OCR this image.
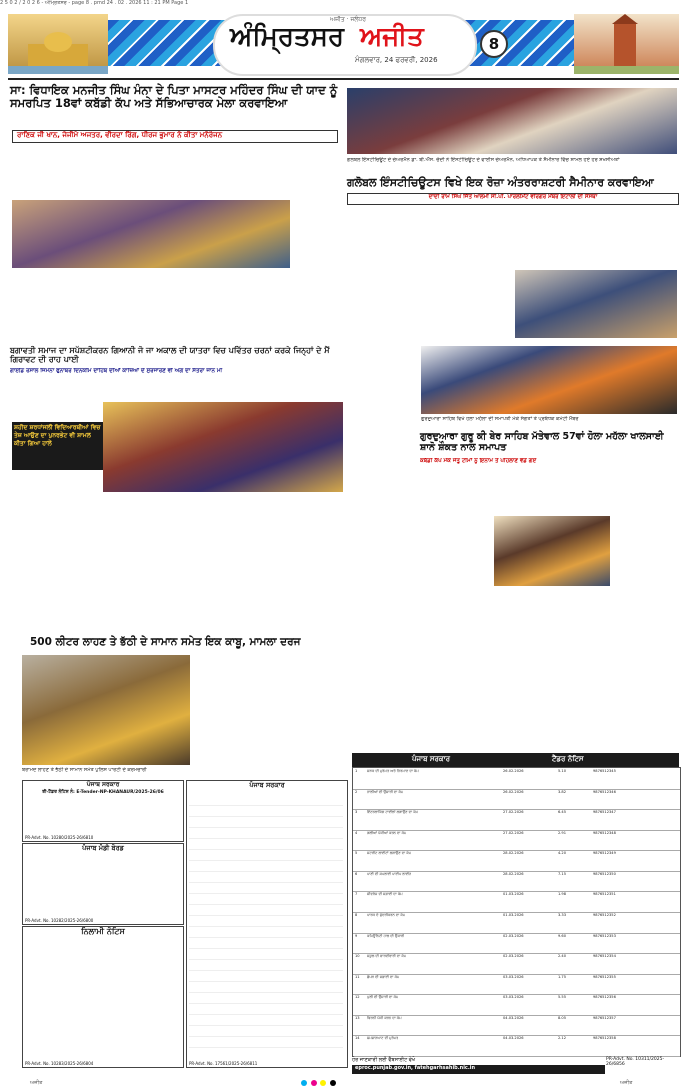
2 5 0 2 / 2 0 2 6 - ਅੰਮ੍ਰਿਤਸਰ - page 8 . pmd 24 . 02 . 2026 11 : 21 PM Page 1
ਅਜੀਤ · ਜਲੰਧਰ
ਅੰਮ੍ਰਿਤਸਰ ਅਜੀਤ
ਮੰਗਲਵਾਰ, 24 ਫਰਵਰੀ, 2026
8
ਸਾ: ਵਿਧਾਇਕ ਮਨਜੀਤ ਸਿੰਘ ਮੰਨਾ ਦੇ ਪਿਤਾ ਮਾਸਟਰ ਮਹਿੰਦਰ ਸਿੰਘ ਦੀ ਯਾਦ ਨੂੰ ਸਮਰਪਿਤ 18ਵਾਂ ਕਬੱਡੀ ਕੱਪ ਅਤੇ ਸੱਭਿਆਚਾਰਕ ਮੇਲਾ ਕਰਵਾਇਆ
ਰਾਣਿਕ ਜੀ ਖਾਨ, ਜੇਜੀਮੇ ਅਜਤਰ, ਵੀਰਦਾ ਰਿੰਗ, ਧੀਰਜ ਭੁਮਾਰ ਨੇ ਕੀਤਾ ਮਨੋਰੰਜਨ
ਗਲੋਬਲ ਇੰਸਟੀਚਿਊਟ ਦੇ ਚੇਅਰਮੈਨ ਡਾ. ਬੀ.ਐੱਸ. ਚੰਦੀ ਨੇ ਇੰਸਟੀਚਿਊਟ ਦੇ ਵਾਈਸ ਚੇਅਰਮੈਨ, ਅਧਿਆਪਕ ਤੇ ਸੈਮੀਨਾਰ ਵਿੱਚ ਸ਼ਾਮਲ ਹੋਏ ਹੋਰ ਸ਼ਖਸੀਅਤਾਂ
ਗਲੋਬਲ ਇੰਸਟੀਚਿਊਟਸ ਵਿਖੇ ਇਕ ਰੋਜ਼ਾ ਅੰਤਰਰਾਸ਼ਟਰੀ ਸੈਮੀਨਾਰ ਕਰਵਾਇਆ
ਦਾਦੀ ਰਾਮ ਸਿੰਘ ਜਿੱਤੇ ਆਲਮੀ ਸੀ.ਪੀ. ਪਾਰਲੀਮੈਂਟ ਵੀਰਗਰ ਮੈਂਬਰ ਇਟਾਲੀ ਦੀ ਸੰਸਥਾ
ਬਗਾਵਤੀ ਸਮਾਜ ਦਾ ਸਪੱਸ਼ਟੀਕਰਨ ਗਿਆਨੀ ਜੋ ਜਾ ਅਕਾਲ ਦੀ ਯਾਤਰਾ ਵਿਚ ਪਵਿੱਤਰ ਚਰਨਾਂ ਕਰਕੇ ਜਿਨ੍ਹਾਂ ਦੇ ਮੈਂ ਗਿਰਾਵਟ ਦੀ ਰਾਹ ਪਾਈ
ਗਾਈਡ ਰਸਾਲ ਜਿਮੰਨਾ ਫੁਨਾਬਰ ਦਿਨਕਮਿ ਦਾਹਿਬ ਦੀਆਂ ਕਾਜ਼ਿਆਂ ਦੇ ਸੁਰਜਾਰਣ ਵੀ ਅਗ ਦਾ ਸੰਤਰਾ ਜਾਨ ਮੀ
ਸ਼ਹੀਦ ਸ਼ਰਧਾਂਜਲੀ ਵਿਦਿਆਰਥੀਆਂ ਵਿਚ ਤੇਜ਼ ਆਉਣ ਦਾ ਪੁਨਰਭੇਟ ਵੀ ਸ਼ਾਮਲ ਕੀਤਾ ਗਿਆ ਹਾਲੇ
ਗੁਰਦੁਆਰਾ ਸਾਹਿਬ ਵਿਖੇ ਹੋਲਾ ਮਹੱਲਾ ਦੀ ਸਮਾਪਤੀ ਮੌਕੇ ਸੰਗਤਾਂ ਤੇ ਪ੍ਰਬੰਧਕ ਕਮੇਟੀ ਮੈਂਬਰ
ਗੁਰਦੁਆਰਾ ਗੁਰੂ ਕੀ ਬੇਰ ਸਾਹਿਬ ਮੱਤੇਵਾਲ 57ਵਾਂ ਹੋਲਾ ਮਹੱਲਾ ਖਾਲਸਾਈ ਸ਼ਾਨੋ ਸ਼ੌਕਤ ਨਾਲ ਸਮਾਪਤ
ਕਬੱਡੀ ਕੱਪ ਮੌਕੇ ਜੇਤੂ ਟੀਮਾਂ ਨੂੰ ਇਨਾਮ ਤੇ ਪਹਿਲਾਣ ਵੰਡੇ ਗਏ
500 ਲੀਟਰ ਲਾਹਣ ਤੇ ਭੱਠੀ ਦੇ ਸਾਮਾਨ ਸਮੇਤ ਇਕ ਕਾਬੂ, ਮਾਮਲਾ ਦਰਜ
ਬਰਾਮਦ ਲਾਹਣ ਤੇ ਭੱਠੀ ਦੇ ਸਾਮਾਨ ਸਮੇਤ ਪੁਲਿਸ ਪਾਰਟੀ ਦੇ ਕਰਮਚਾਰੀ
ਪੰਜਾਬ ਸਰਕਾਰ
ਈ-ਟੈਂਡਰ ਨੋਟਿਸ ਨੰ: E-Tender-NP-KHANAUR/2025-26/06
PR-Advt. No. 10280/2025-26/6810
ਪੰਜਾਬ ਮੰਡੀ ਬੋਰਡ
PR-Advt. No. 10282/2025-26/6800
ਨਿਲਾਮੀ ਨੋਟਿਸ
PR-Advt. No. 10283/2025-26/6804
ਪੰਜਾਬ ਸਰਕਾਰ
PR-Advt. No. 17561/2025-26/6811
ਪੰਜਾਬ ਸਰਕਾਰ	ਟੈਂਡਰ ਨੋਟਿਸ
1	ਸੜਕ ਦੀ ਮੁਰੰਮਤ ਅਤੇ ਨਿਰਮਾਣ ਦਾ ਕੰਮ	26.02.2026	5.10	9876512345
2	ਨਾਲੀਆਂ ਦੀ ਉਸਾਰੀ ਦਾ ਕੰਮ	26.02.2026	3.82	9876512346
3	ਇੰਟਰਲਾਕਿੰਗ ਟਾਈਲਾਂ ਲਗਾਉਣ ਦਾ ਕੰਮ	27.02.2026	6.45	9876512347
4	ਗਲੀਆਂ ਪੱਕੀਆਂ ਕਰਨ ਦਾ ਕੰਮ	27.02.2026	2.91	9876512348
5	ਸਟਰੀਟ ਲਾਈਟਾਂ ਲਗਾਉਣ ਦਾ ਕੰਮ	28.02.2026	4.20	9876512349
6	ਪਾਣੀ ਦੀ ਸਪਲਾਈ ਪਾਈਪ ਲਾਈਨ	28.02.2026	7.15	9876512350
7	ਸੀਵਰੇਜ ਦੀ ਸਫ਼ਾਈ ਦਾ ਕੰਮ	01.03.2026	1.98	9876512351
8	ਪਾਰਕ ਦੇ ਸੁੰਦਰੀਕਰਨ ਦਾ ਕੰਮ	01.03.2026	3.33	9876512352
9	ਕਮਿਊਨਿਟੀ ਹਾਲ ਦੀ ਉਸਾਰੀ	02.03.2026	9.60	9876512353
10 ਸਕੂਲ ਦੀ ਚਾਰਦੀਵਾਰੀ ਦਾ ਕੰਮ	02.03.2026	2.40	9876512354
11 ਛੱਪੜ ਦੀ ਸਫ਼ਾਈ ਦਾ ਕੰਮ	03.03.2026	1.75	9876512355
12 ਪੁਲੀ ਦੀ ਉਸਾਰੀ ਦਾ ਕੰਮ	03.03.2026	5.55	9876512356
13 ਫਿਰਨੀ ਪੱਕੀ ਕਰਨ ਦਾ ਕੰਮ	04.03.2026	8.05	9876512357
14 ਸ਼ਮਸ਼ਾਨਘਾਟ ਦੀ ਮੁਰੰਮਤ	04.03.2026	2.12	9876512358
ਹੋਰ ਜਾਣਕਾਰੀ ਲਈ ਵੈੱਬਸਾਈਟ ਵੇਖੋ
eproc.punjab.gov.in, fatehgarhsahib.nic.in
PR-Advt. No. 10311/2025-26/6856
ਅਜੀਤ
	ਅਜੀਤ
